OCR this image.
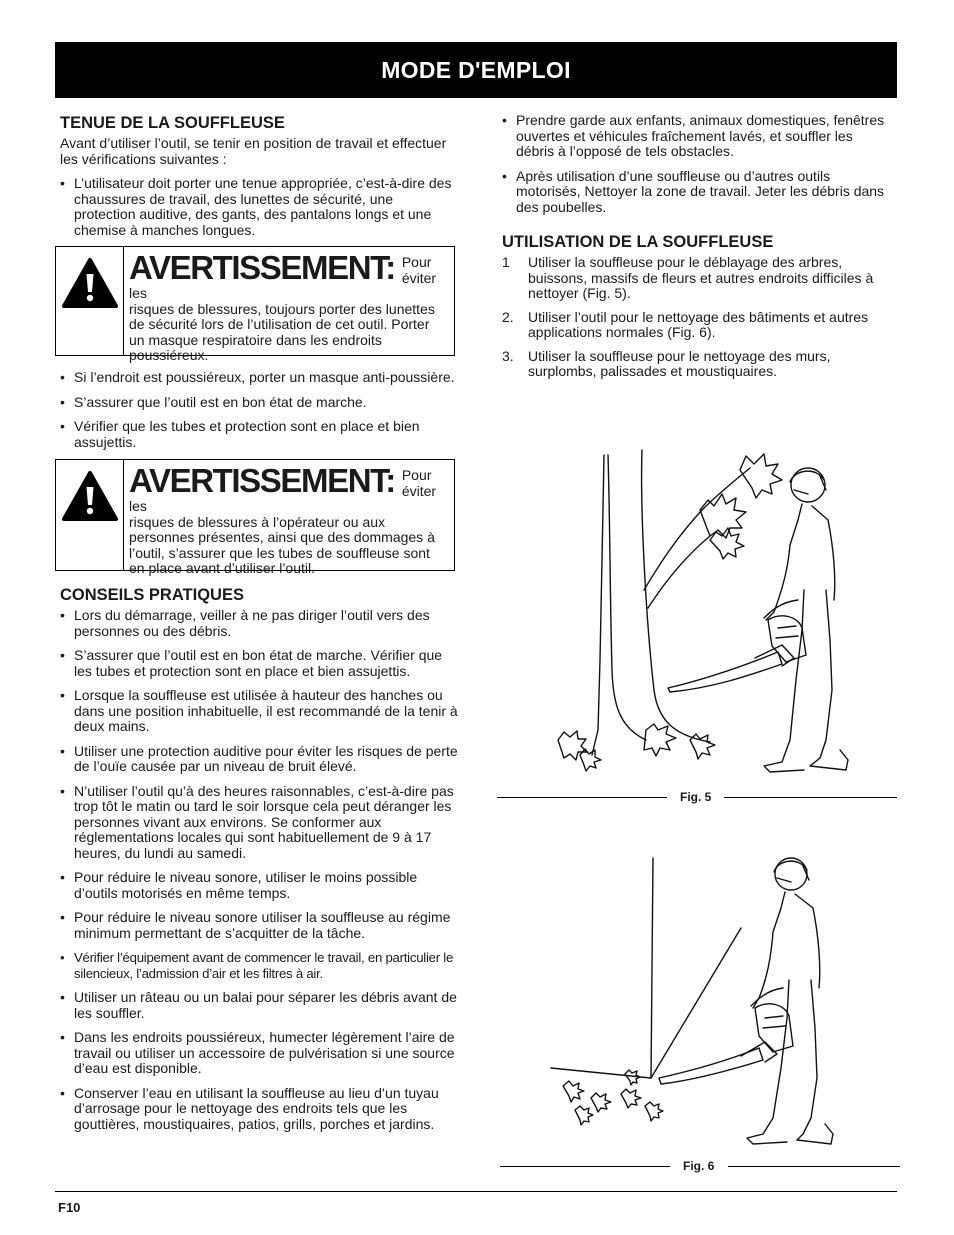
MODE D'EMPLOI
TENUE DE LA SOUFFLEUSE

Avant d’utiliser l’outil, se tenir en position de travail et effectuer les vérifications suivantes :

• L’utilisateur doit porter une tenue appropriée, c’est-à-dire des chaussures de travail, des lunettes de sécurité, une protection auditive, des gants, des pantalons longs et une chemise à manches longues.
AVERTISSEMENT: Pour éviter les
risques de blessures, toujours porter des lunettes de sécurité lors de l’utilisation de cet outil. Porter un masque respiratoire dans les endroits poussiéreux.
• Si l’endroit est poussiéreux, porter un masque anti-poussière.
• S’assurer que l’outil est en bon état de marche.
• Vérifier que les tubes et protection sont en place et bien assujettis.
AVERTISSEMENT: Pour
éviter les
risques de blessures à l’opérateur ou aux personnes présentes, ainsi que des dommages à l’outil, s’assurer que les tubes de souffleuse sont en place avant d’utiliser l’outil.
CONSEILS PRATIQUES
• Lors du démarrage, veiller à ne pas diriger l’outil vers des personnes ou des débris.
• S’assurer que l’outil est en bon état de marche. Vérifier que les tubes et protection sont en place et bien assujettis.
• Lorsque la souffleuse est utilisée à hauteur des hanches ou dans une position inhabituelle, il est recommandé de la tenir à deux mains.
• Utiliser une protection auditive pour éviter les risques de perte de l’ouïe causée par un niveau de bruit élevé.
• N’utiliser l’outil qu’à des heures raisonnables, c’est-à-dire pas trop tôt le matin ou tard le soir lorsque cela peut déranger les personnes vivant aux environs. Se conformer aux réglementations locales qui sont habituellement de 9 à 17 heures, du lundi au samedi.
• Pour réduire le niveau sonore, utiliser le moins possible d’outils motorisés en même temps.
• Pour réduire le niveau sonore utiliser la souffleuse au régime minimum permettant de s’acquitter de la tâche.
• Vérifier l’équipement avant de commencer le travail, en particulier le silencieux, l’admission d’air et les filtres à air.
• Utiliser un râteau ou un balai pour séparer les débris avant de les souffler.
• Dans les endroits poussiéreux, humecter légèrement l’aire de travail ou utiliser un accessoire de pulvérisation si une source d’eau est disponible.
• Conserver l’eau en utilisant la souffleuse au lieu d’un tuyau d’arrosage pour le nettoyage des endroits tels que les gouttières, moustiquaires, patios, grills, porches et jardins.
• Prendre garde aux enfants, animaux domestiques, fenêtres ouvertes et véhicules fraîchement lavés, et souffler les débris à l’opposé de tels obstacles.
• Après utilisation d’une souffleuse ou d’autres outils motorisés, Nettoyer la zone de travail. Jeter les débris dans des poubelles.
UTILISATION DE LA SOUFFLEUSE
1 Utiliser la souffleuse pour le déblayage des arbres, buissons, massifs de fleurs et autres endroits difficiles à nettoyer (Fig. 5).
2. Utiliser l’outil pour le nettoyage des bâtiments et autres applications normales (Fig. 6).
3. Utiliser la souffleuse pour le nettoyage des murs, surplombs, palissades et moustiquaires.
Fig. 5
Fig. 6
F10
